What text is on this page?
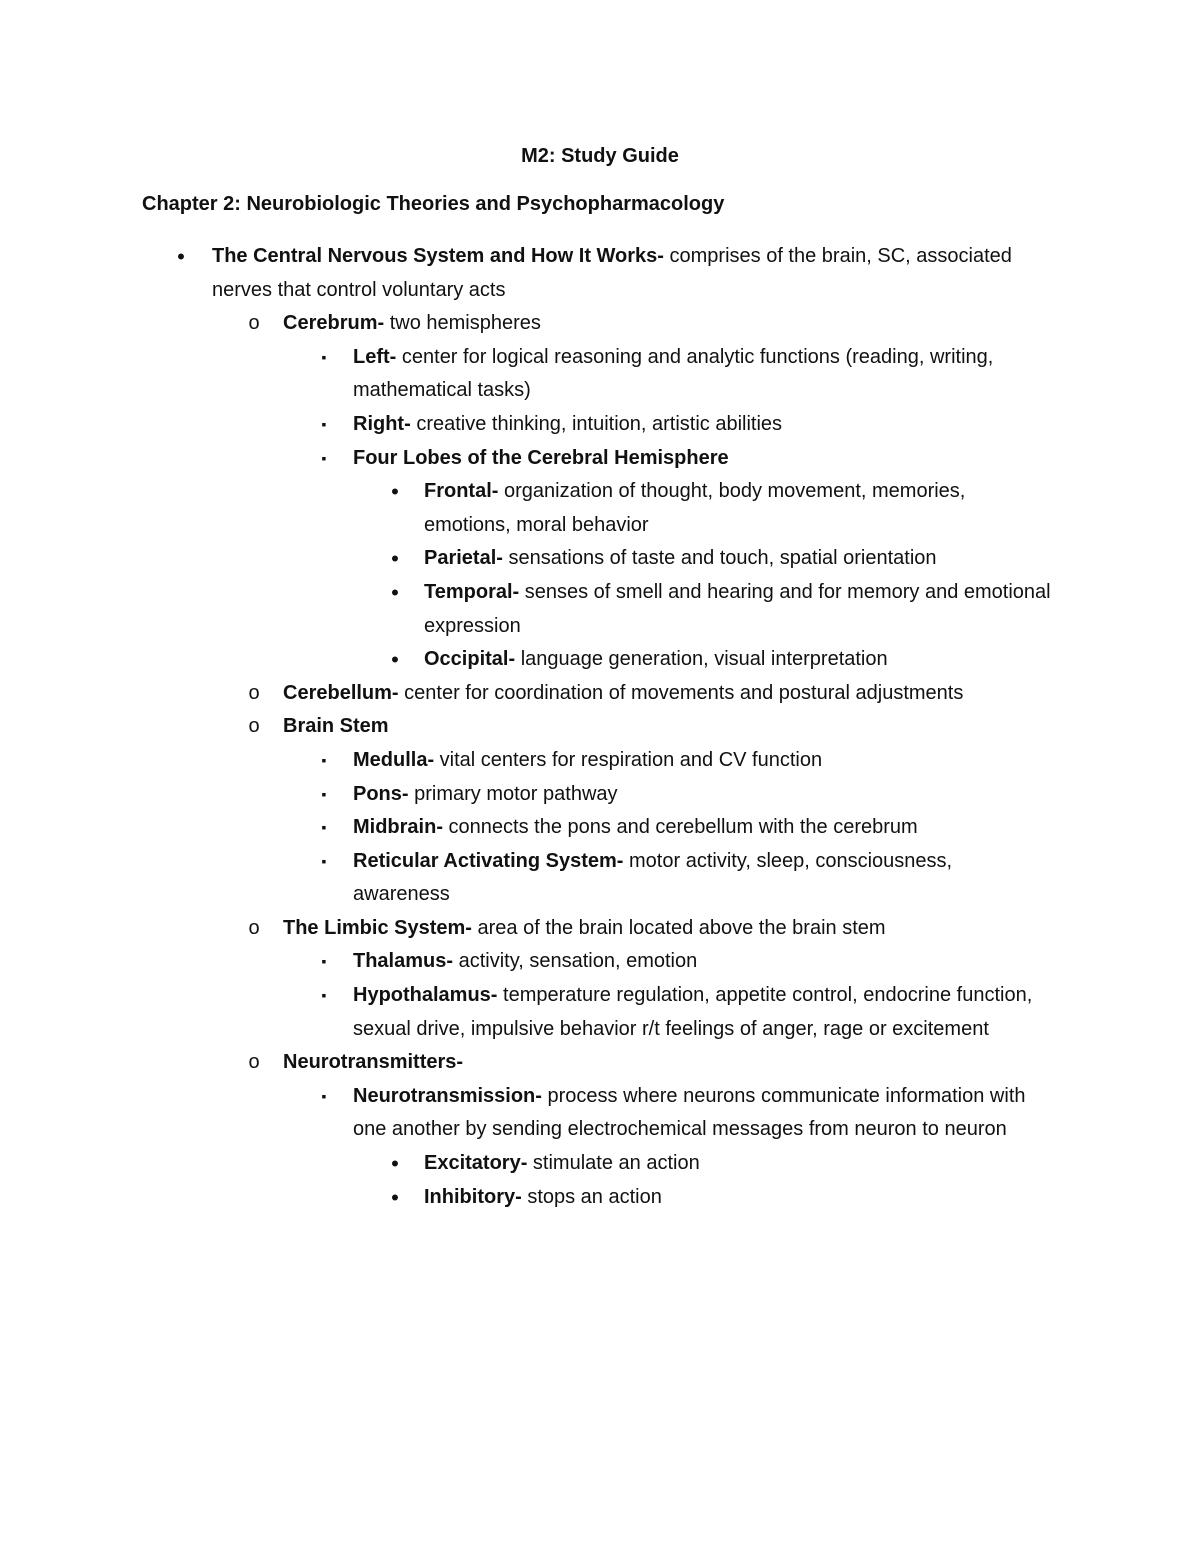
M2: Study Guide
Chapter 2: Neurobiologic Theories and Psychopharmacology
•	The Central Nervous System and How It Works- comprises of the brain, SC, associated nerves that control voluntary acts
o Cerebrum- two hemispheres
▪	Left- center for logical reasoning and analytic functions (reading, writing, mathematical tasks)
▪	Right- creative thinking, intuition, artistic abilities
▪	Four Lobes of the Cerebral Hemisphere
•	Frontal- organization of thought, body movement, memories, emotions, moral behavior
•	Parietal- sensations of taste and touch, spatial orientation
•	Temporal- senses of smell and hearing and for memory and emotional expression
•	Occipital- language generation, visual interpretation
o Cerebellum- center for coordination of movements and postural adjustments
o Brain Stem
▪	Medulla- vital centers for respiration and CV function
▪	Pons- primary motor pathway
▪	Midbrain- connects the pons and cerebellum with the cerebrum
▪	Reticular Activating System- motor activity, sleep, consciousness, awareness
o The Limbic System- area of the brain located above the brain stem
▪	Thalamus- activity, sensation, emotion
▪	Hypothalamus- temperature regulation, appetite control, endocrine function, sexual drive, impulsive behavior r/t feelings of anger, rage or excitement
o Neurotransmitters-
▪	Neurotransmission- process where neurons communicate information with one another by sending electrochemical messages from neuron to neuron
•	Excitatory- stimulate an action
•	Inhibitory- stops an action
